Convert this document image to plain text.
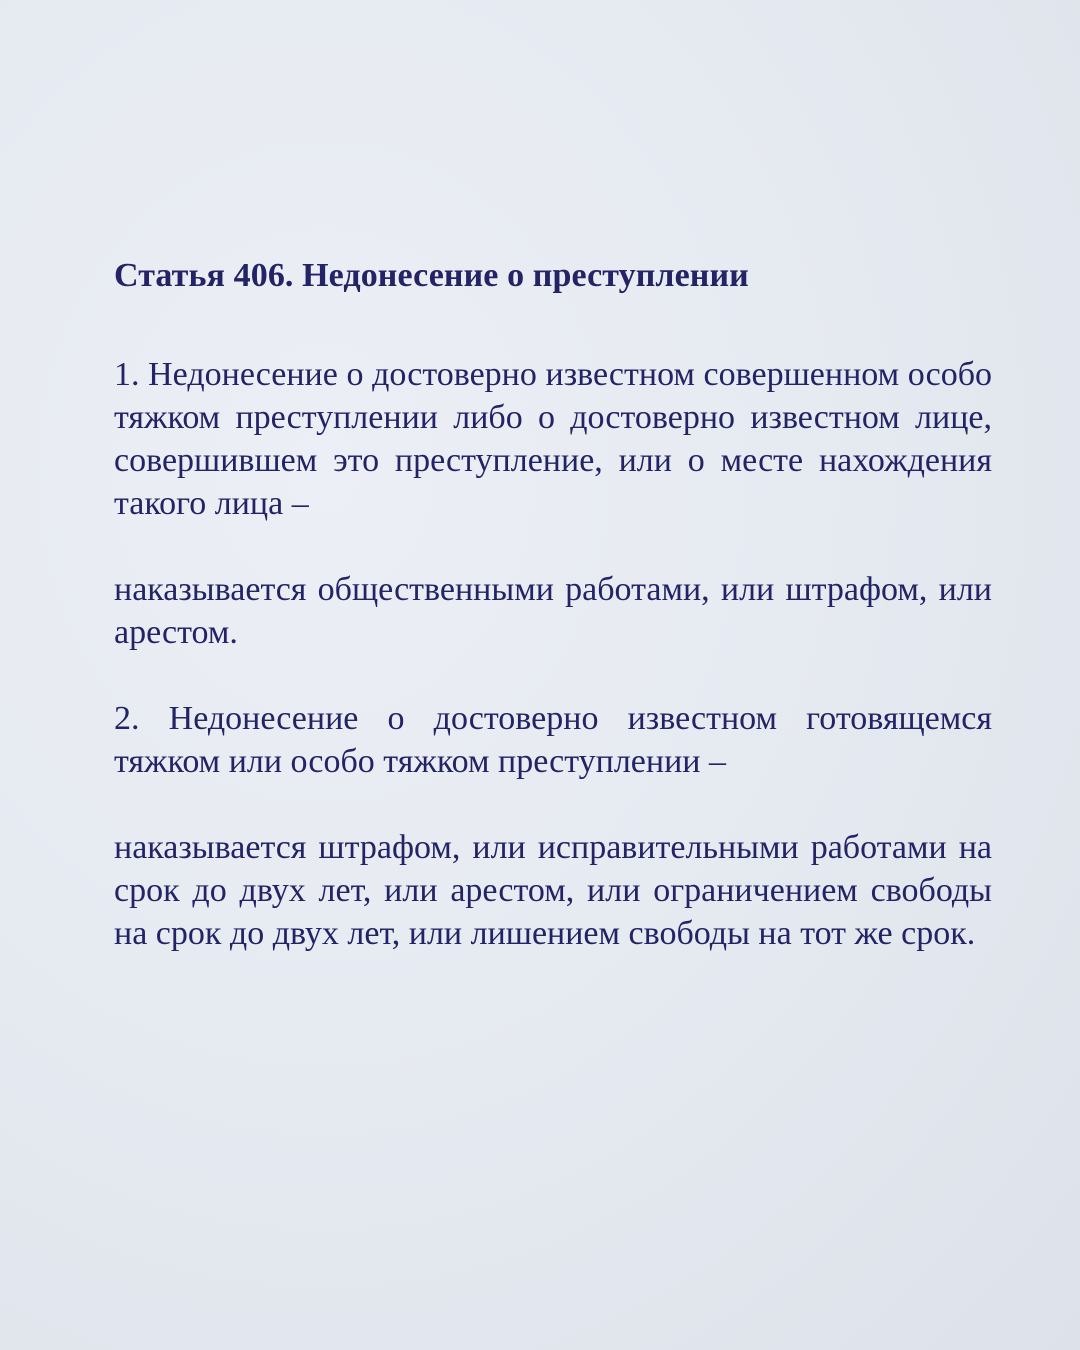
Статья 406. Недонесение о преступлении

1. Недонесение о достоверно известном совершенном особо тяжком преступлении либо о достоверно известном лице, совершившем это преступление, или о месте нахождения такого лица –

наказывается общественными работами, или штрафом, или арестом.

2. Недонесение о достоверно известном готовящемся тяжком или особо тяжком преступлении –

наказывается штрафом, или исправительными работами на срок до двух лет, или арестом, или ограничением свободы на срок до двух лет, или лишением свободы на тот же срок.
